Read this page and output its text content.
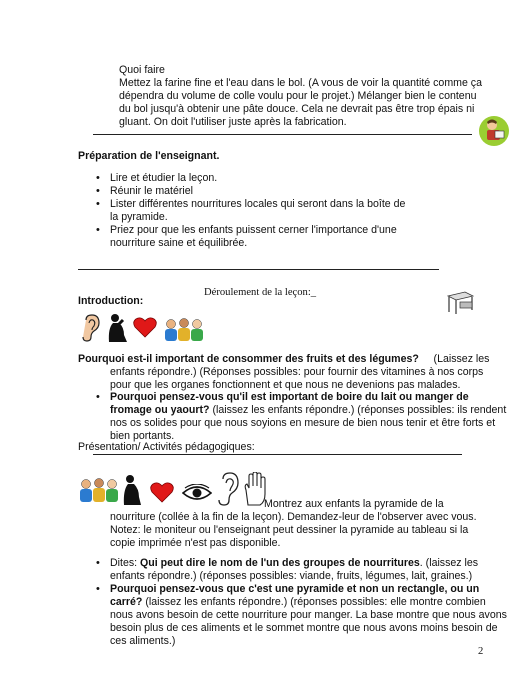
Quoi faire
Mettez la farine fine et l'eau dans le bol. (A vous de voir la quantité comme ça dépendra du volume de colle voulu pour le projet.) Mélanger bien le contenu du bol jusqu'à obtenir une pâte douce. Cela ne devrait pas être trop épais ni gluant. On doit l'utiliser juste après la fabrication.
Préparation de l'enseignant.
• Lire et étudier la leçon.
• Réunir le matériel
• Lister différentes nourritures locales qui seront dans la boîte de la pyramide.
• Priez pour que les enfants puissent cerner l'importance d'une nourriture saine et équilibrée.
Déroulement de la leçon:_
Introduction:
Pourquoi est-il important de consommer des fruits et des légumes? (Laissez les enfants répondre.) (Réponses possibles: pour fournir des vitamines à nos corps pour que les organes fonctionnent et que nous ne devenions pas malades.
• Pourquoi pensez-vous qu'il est important de boire du lait ou manger de fromage ou yaourt? (laissez les enfants répondre.) (réponses possibles: ils rendent nos os solides pour que nous soyions en mesure de bien nous tenir et être forts et bien portants.
Présentation/ Activités pédagogiques:
Montrez aux enfants la pyramide de la nourriture (collée à la fin de la leçon). Demandez-leur de l'observer avec vous. Notez: le moniteur ou l'enseignant peut dessiner la pyramide au tableau si la copie imprimée n'est pas disponible.
• Dites: Qui peut dire le nom de l'un des groupes de nourritures. (laissez les enfants répondre.) (réponses possibles: viande, fruits, légumes, lait, graines.)
• Pourquoi pensez-vous que c'est une pyramide et non un rectangle, ou un carré? (laissez les enfants répondre.) (réponses possibles: elle montre combien nous avons besoin de cette nourriture pour manger. La base montre que nous avons besoin plus de ces aliments et le sommet montre que nous avons moins besoin de ces aliments.)
2
